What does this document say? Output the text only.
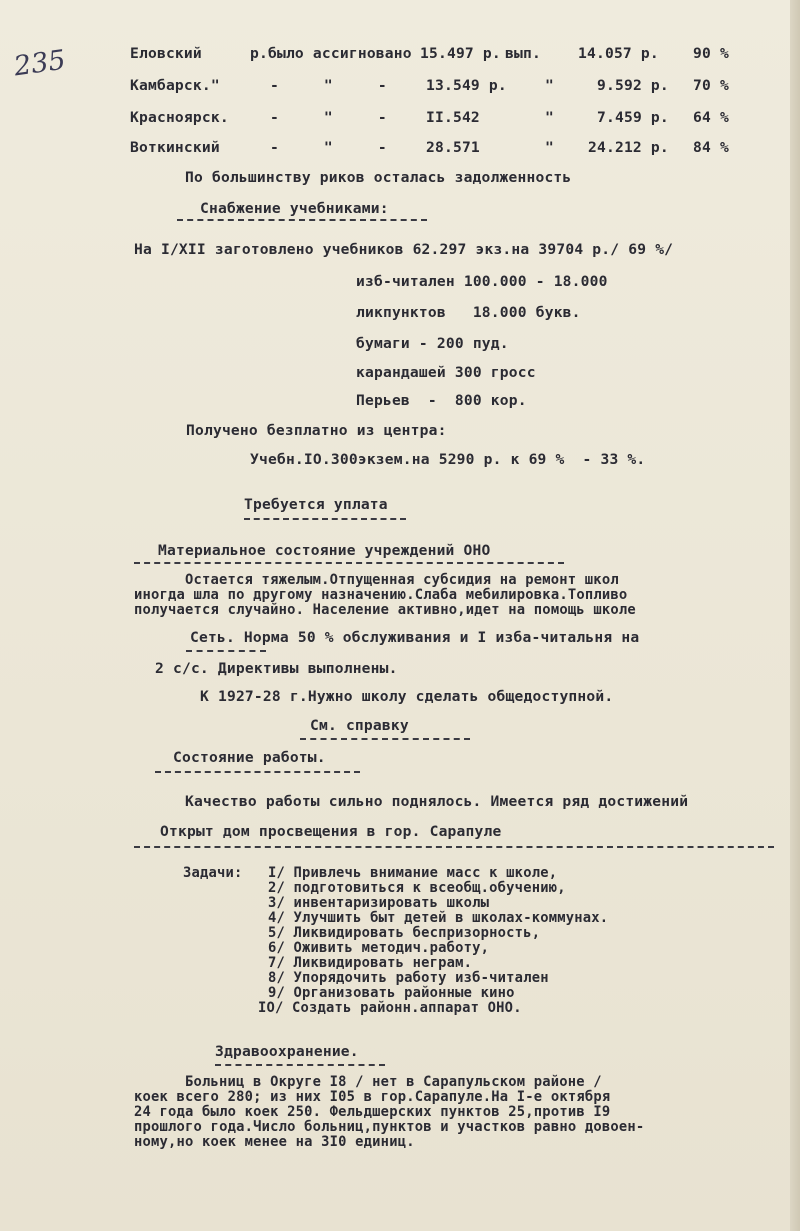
235	Еловский	р.было ассигновано 15.497 р. вып.	14.057 р. 90 %
Камбарск."	-     "     -	13.549 р.	"	9.592 р. 70 %
Красноярск.	-     "     -	II.542	"	7.459 р. 64 %
Воткинский	-     "     -	28.571	" 24.212 р. 84 %
По большинству риков осталась задолженность
Снабжение учебниками:
На I/XII заготовлено учебников 62.297 экз.на 39704 р./ 69 %/
изб-читален 100.000 - 18.000
ликпунктов   18.000 букв.
бумаги - 200 пуд.
карандашей 300 гросс
Перьев  -  800 кор.
Получено безплатно из центра:
Учебн.IO.300экзем.на 5290 р. к 69 %  - 33 %.
Требуется уплата
Материальное состояние учреждений ОНО
Остается тяжелым.Отпущенная субсидия на ремонт школ
иногда шла по другому назначению.Слаба мебилировка.Топливо
получается случайно. Население активно,идет на помощь школе
Сеть. Норма 50 % обслуживания и I изба-читальня на
2 с/с. Директивы выполнены.
К 1927-28 г.Нужно школу сделать общедоступной.
См. справку
Состояние работы.
Качество работы сильно поднялось. Имеется ряд достижений
Открыт дом просвещения в гор. Сарапуле
Задачи: I/ Привлечь внимание масс к школе,
2/ подготовиться к всеобщ.обучению,
3/ инвентаризировать школы
4/ Улучшить быт детей в школах-коммунах.
5/ Ликвидировать беспризорность,
6/ Оживить методич.работу,
7/ Ликвидировать неграм.
8/ Упорядочить работу изб-читален
9/ Организовать районные кино
IO/ Создать районн.аппарат ОНО.
Здравоохранение.
Больниц в Округе I8 / нет в Сарапульском районе /
коек всего 280; из них I05 в гор.Сарапуле.На I-е октября
24 года было коек 250. Фельдшерских пунктов 25,против I9
прошлого года.Число больниц,пунктов и участков равно довоен-
ному,но коек менее на 3I0 единиц.
